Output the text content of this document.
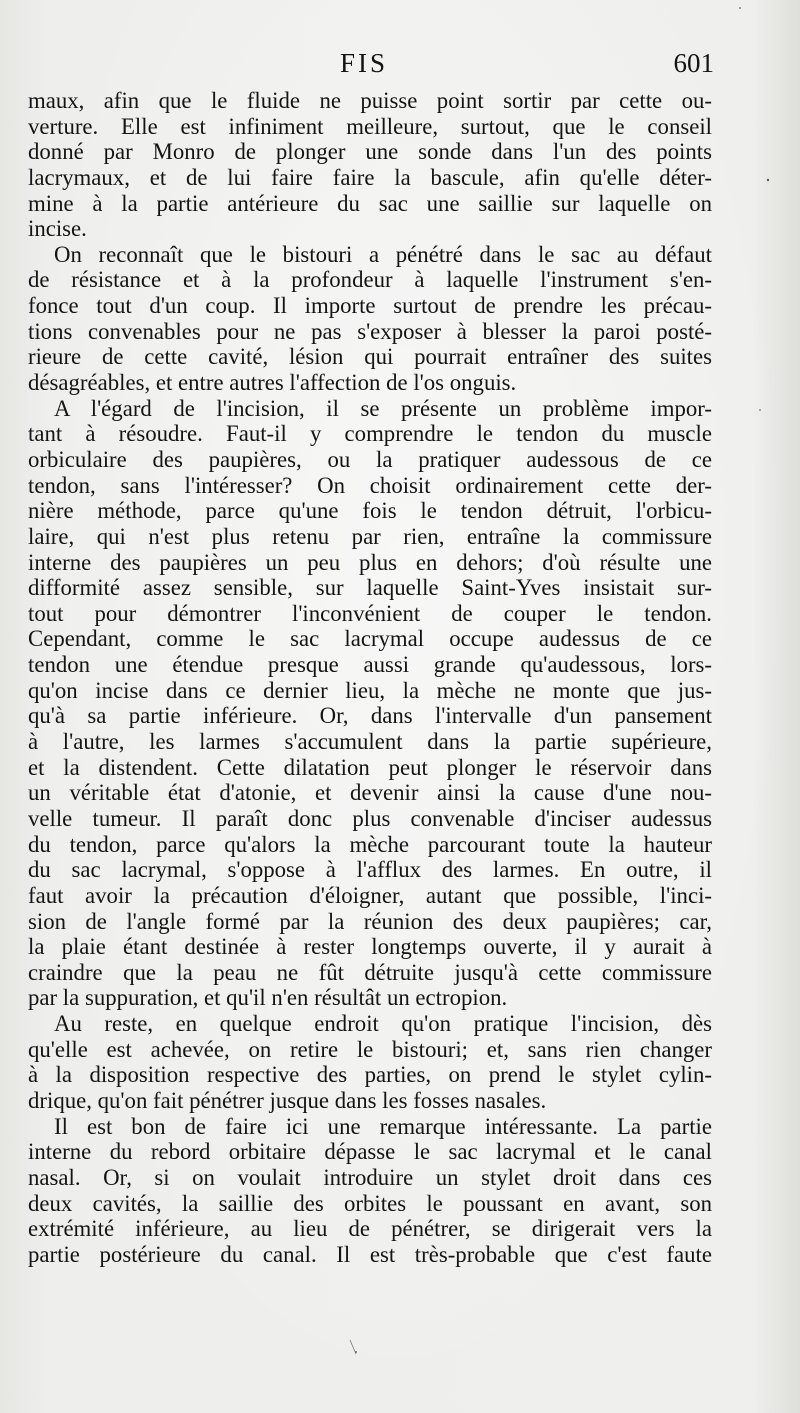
FIS	601
maux, afin que le fluide ne puisse point sortir par cette ou-
verture. Elle est infiniment meilleure, surtout, que le conseil
donné par Monro de plonger une sonde dans l'un des points
lacrymaux, et de lui faire faire la bascule, afin qu'elle déter-
mine à la partie antérieure du sac une saillie sur laquelle on
incise.
On reconnaît que le bistouri a pénétré dans le sac au défaut
de résistance et à la profondeur à laquelle l'instrument s'en-
fonce tout d'un coup. Il importe surtout de prendre les précau-
tions convenables pour ne pas s'exposer à blesser la paroi posté-
rieure de cette cavité, lésion qui pourrait entraîner des suites
désagréables, et entre autres l'affection de l'os onguis.
A l'égard de l'incision, il se présente un problème impor-
tant à résoudre. Faut-il y comprendre le tendon du muscle
orbiculaire des paupières, ou la pratiquer audessous de ce
tendon, sans l'intéresser? On choisit ordinairement cette der-
nière méthode, parce qu'une fois le tendon détruit, l'orbicu-
laire, qui n'est plus retenu par rien, entraîne la commissure
interne des paupières un peu plus en dehors; d'où résulte une
difformité assez sensible, sur laquelle Saint-Yves insistait sur-
tout pour démontrer l'inconvénient de couper le tendon.
Cependant, comme le sac lacrymal occupe audessus de ce
tendon une étendue presque aussi grande qu'audessous, lors-
qu'on incise dans ce dernier lieu, la mèche ne monte que jus-
qu'à sa partie inférieure. Or, dans l'intervalle d'un pansement
à l'autre, les larmes s'accumulent dans la partie supérieure,
et la distendent. Cette dilatation peut plonger le réservoir dans
un véritable état d'atonie, et devenir ainsi la cause d'une nou-
velle tumeur. Il paraît donc plus convenable d'inciser audessus
du tendon, parce qu'alors la mèche parcourant toute la hauteur
du sac lacrymal, s'oppose à l'afflux des larmes. En outre, il
faut avoir la précaution d'éloigner, autant que possible, l'inci-
sion de l'angle formé par la réunion des deux paupières; car,
la plaie étant destinée à rester longtemps ouverte, il y aurait à
craindre que la peau ne fût détruite jusqu'à cette commissure
par la suppuration, et qu'il n'en résultât un ectropion.
Au reste, en quelque endroit qu'on pratique l'incision, dès
qu'elle est achevée, on retire le bistouri; et, sans rien changer
à la disposition respective des parties, on prend le stylet cylin-
drique, qu'on fait pénétrer jusque dans les fosses nasales.
Il est bon de faire ici une remarque intéressante. La partie
interne du rebord orbitaire dépasse le sac lacrymal et le canal
nasal. Or, si on voulait introduire un stylet droit dans ces
deux cavités, la saillie des orbites le poussant en avant, son
extrémité inférieure, au lieu de pénétrer, se dirigerait vers la
partie postérieure du canal. Il est très-probable que c'est faute
